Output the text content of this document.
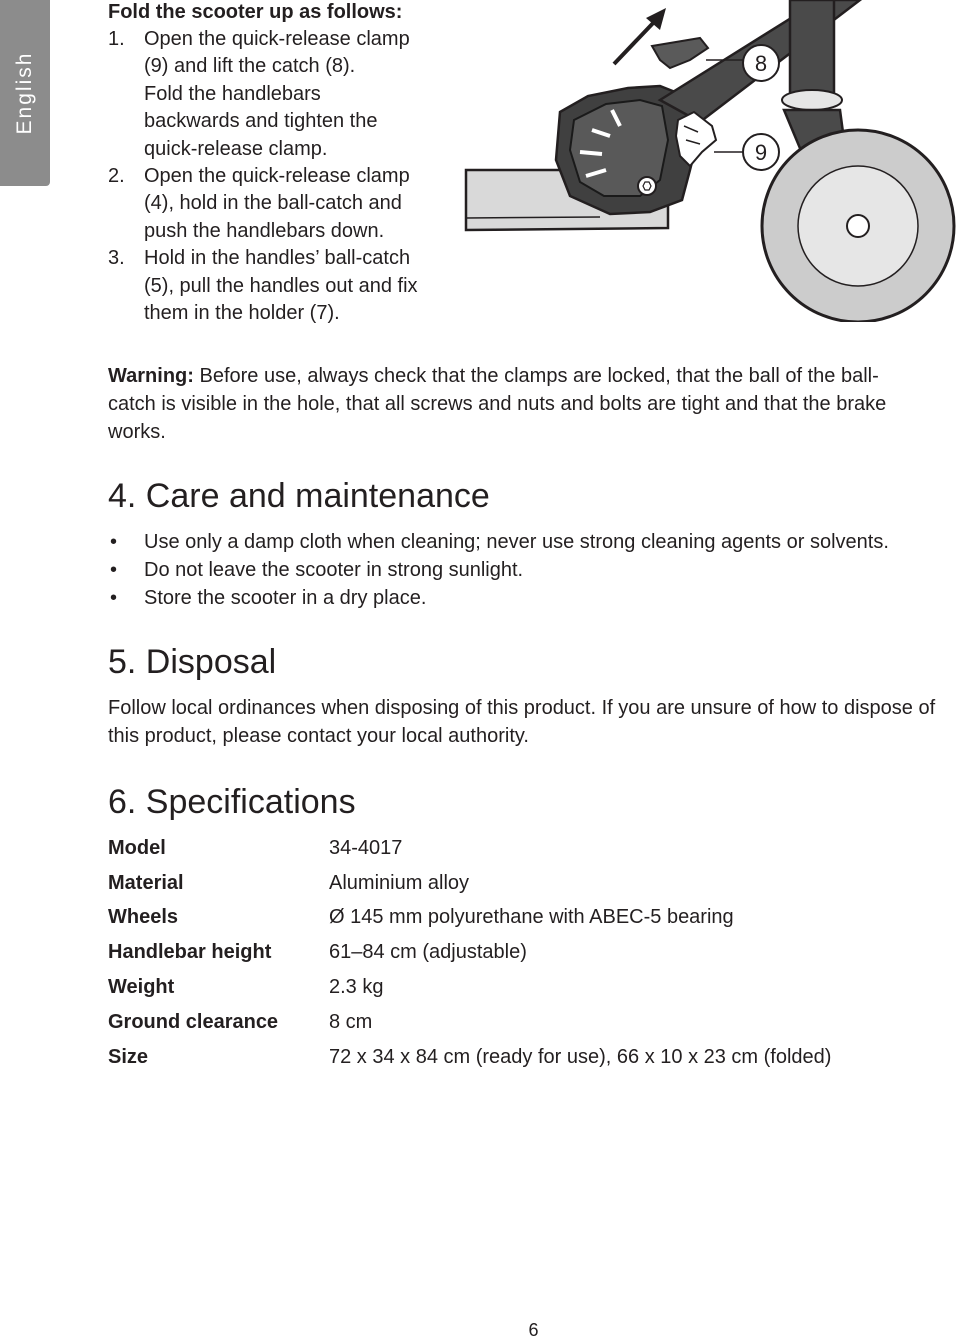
English
Fold the scooter up as follows:
1. Open the quick-release clamp
(9) and lift the catch (8).
Fold the handlebars
backwards and tighten the
quick-release clamp.
2. Open the quick-release clamp
(4), hold in the ball-catch and
push the handlebars down.
3. Hold in the handles’ ball-catch
(5), pull the handles out and fix
them in the holder (7).
8
9

Warning: Before use, always check that the clamps are locked, that the ball of the ball-catch is visible in the hole, that all screws and nuts and bolts are tight and that the brake works.

4. Care and maintenance
• Use only a damp cloth when cleaning; never use strong cleaning agents or solvents.
• Do not leave the scooter in strong sunlight.
• Store the scooter in a dry place.
5. Disposal

Follow local ordinances when disposing of this product. If you are unsure of how to dispose of this product, please contact your local authority.

6. Specifications
Model	34-4017
Material	Aluminium alloy
Wheels	Ø 145 mm polyurethane with ABEC-5 bearing
Handlebar height	61–84 cm (adjustable)
Weight	2.3 kg
Ground clearance	8 cm
Size	72 x 34 x 84 cm (ready for use), 66 x 10 x 23 cm (folded)
6
